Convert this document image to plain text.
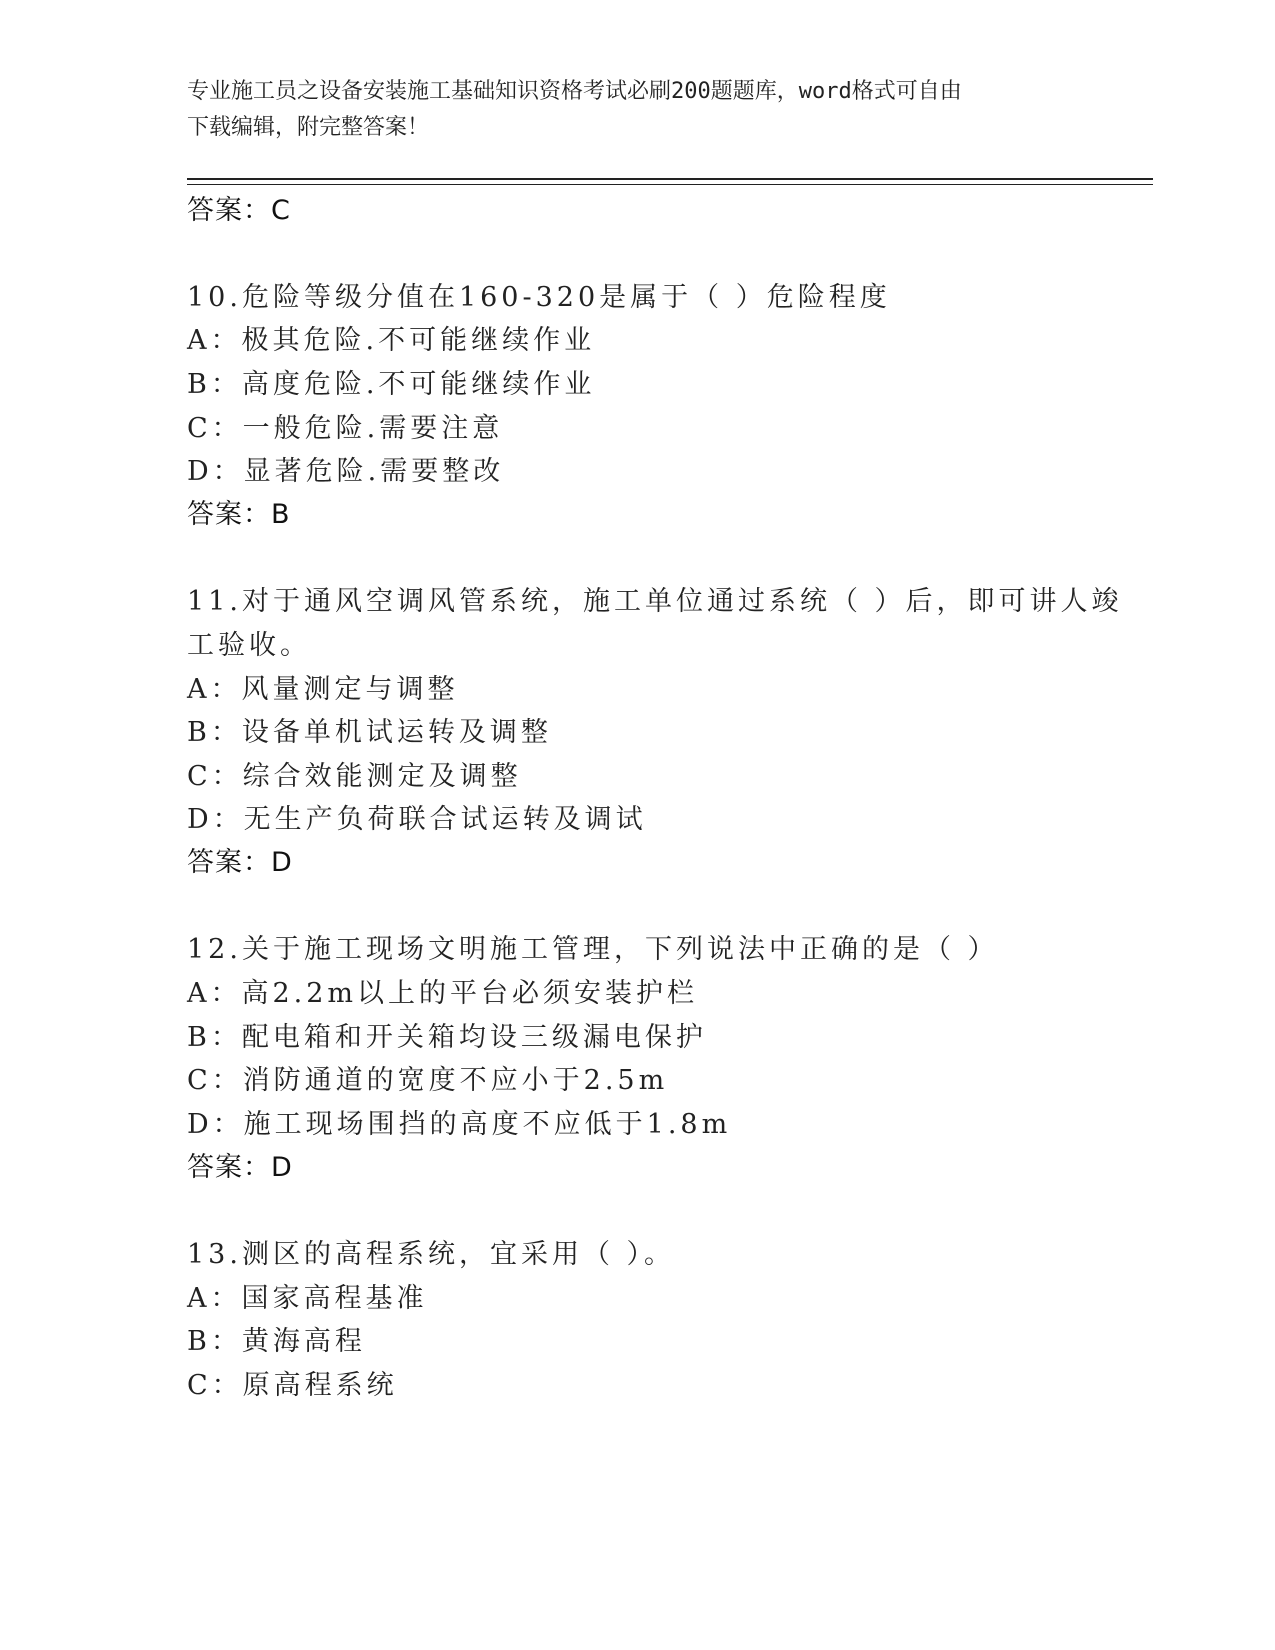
专业施工员之设备安装施工基础知识资格考试必刷200题题库，word格式可自由
下载编辑，附完整答案！
答案：C
10.危险等级分值在160-320是属于（ ）危险程度
A：极其危险.不可能继续作业
B：高度危险.不可能继续作业
C：一般危险.需要注意
D：显著危险.需要整改
答案：B
11.对于通风空调风管系统，施工单位通过系统（ ）后，即可讲人竣
工验收。
A：风量测定与调整
B：设备单机试运转及调整
C：综合效能测定及调整
D：无生产负荷联合试运转及调试
答案：D
12.关于施工现场文明施工管理，下列说法中正确的是（ ）
A：高2.2m以上的平台必须安装护栏
B：配电箱和开关箱均设三级漏电保护
C：消防通道的宽度不应小于2.5m
D：施工现场围挡的高度不应低于1.8m
答案：D
13.测区的高程系统，宜采用（ ）。
A：国家高程基准
B：黄海高程
C：原高程系统
